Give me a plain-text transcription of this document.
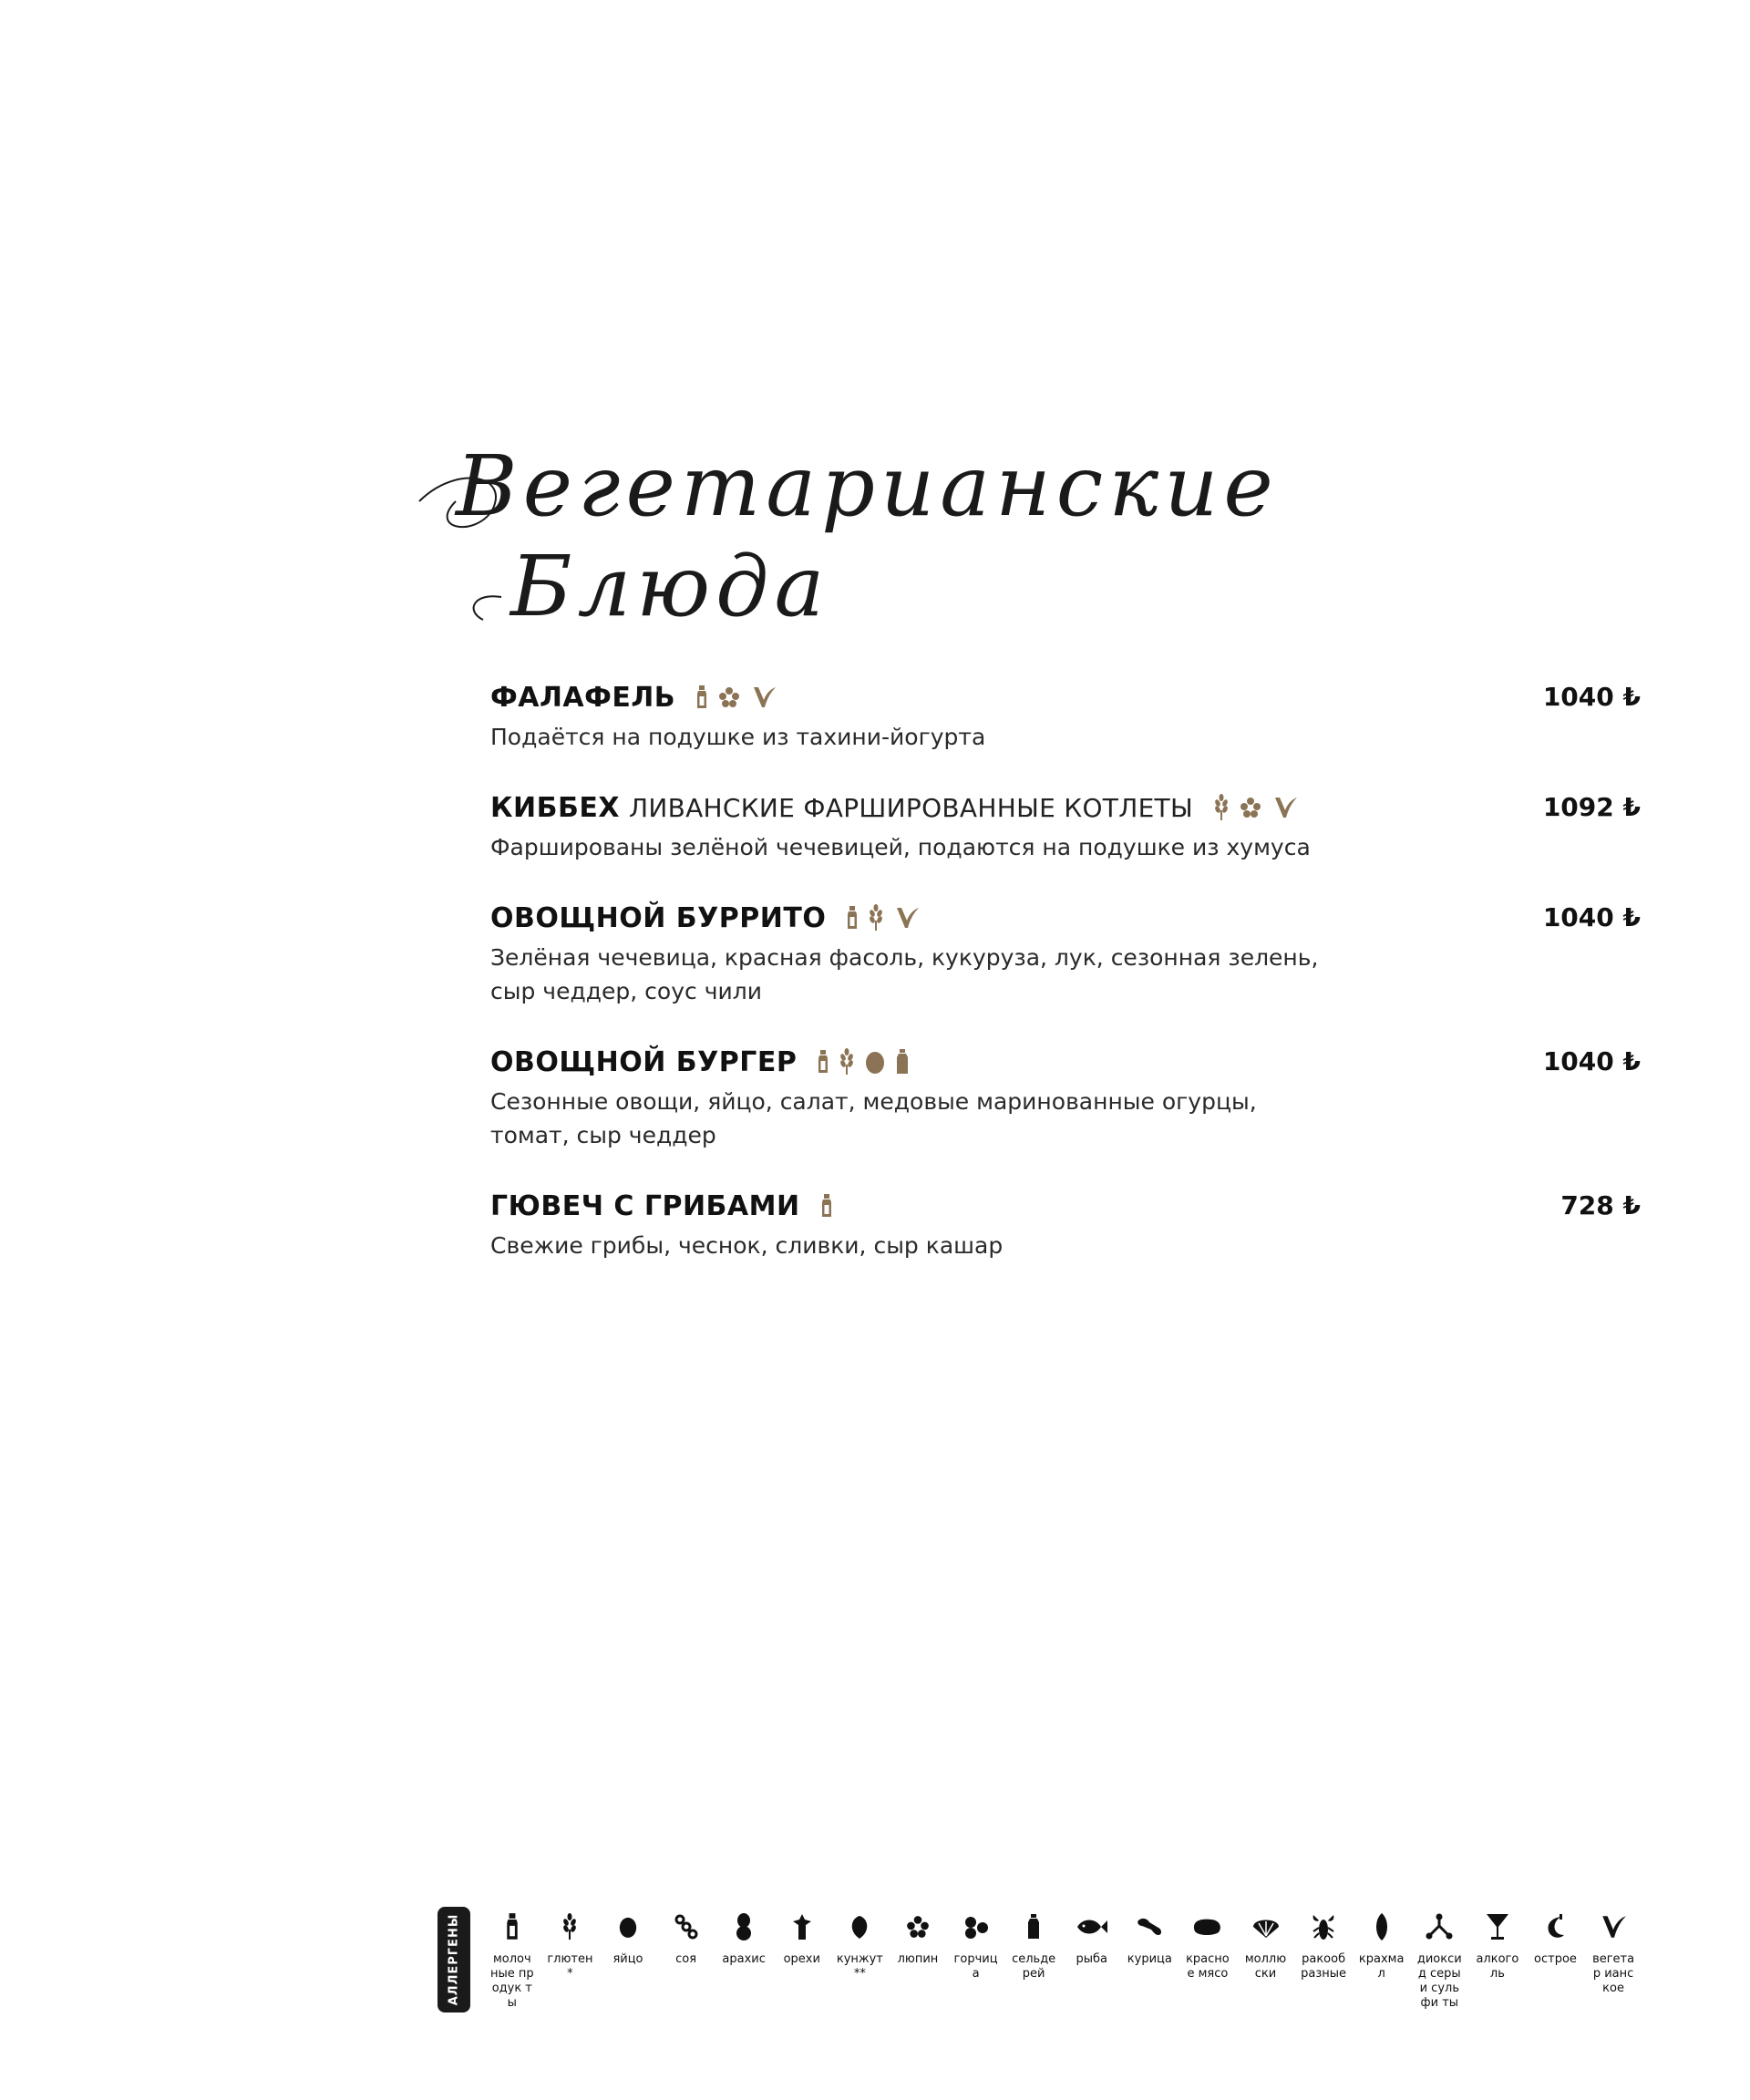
Вегетарианские
Блюда
ФАЛАФЕЛЬ	1040 ₺
Подаётся на подушке из тахини-йогурта
КИББЕХ ЛИВАНСКИЕ ФАРШИРОВАННЫЕ КОТЛЕТЫ	1092 ₺
Фаршированы зелёной чечевицей, подаются на подушке из хумуса
ОВОЩНОЙ БУРРИТО	1040 ₺
Зелёная чечевица, красная фасоль, кукуруза, лук, сезонная зелень, сыр чеддер, соус чили
ОВОЩНОЙ БУРГЕР	1040 ₺
Сезонные овощи, яйцо, салат, медовые маринованные огурцы, томат, сыр чеддер
ГЮВЕЧ С ГРИБАМИ	728 ₺
Свежие грибы, чеснок, сливки, сыр кашар
АЛЛЕРГЕНЫ	молоч ные продук ты
глютен*
яйцо	соя	арахис	орехи	кунжут**
люпин	горчица
сельде рей
рыба	курица	красное мясо
моллю ски
ракооб разные
крахмал
диокси д серы и сульфи ты
алкоголь
острое	вегетар ианское
